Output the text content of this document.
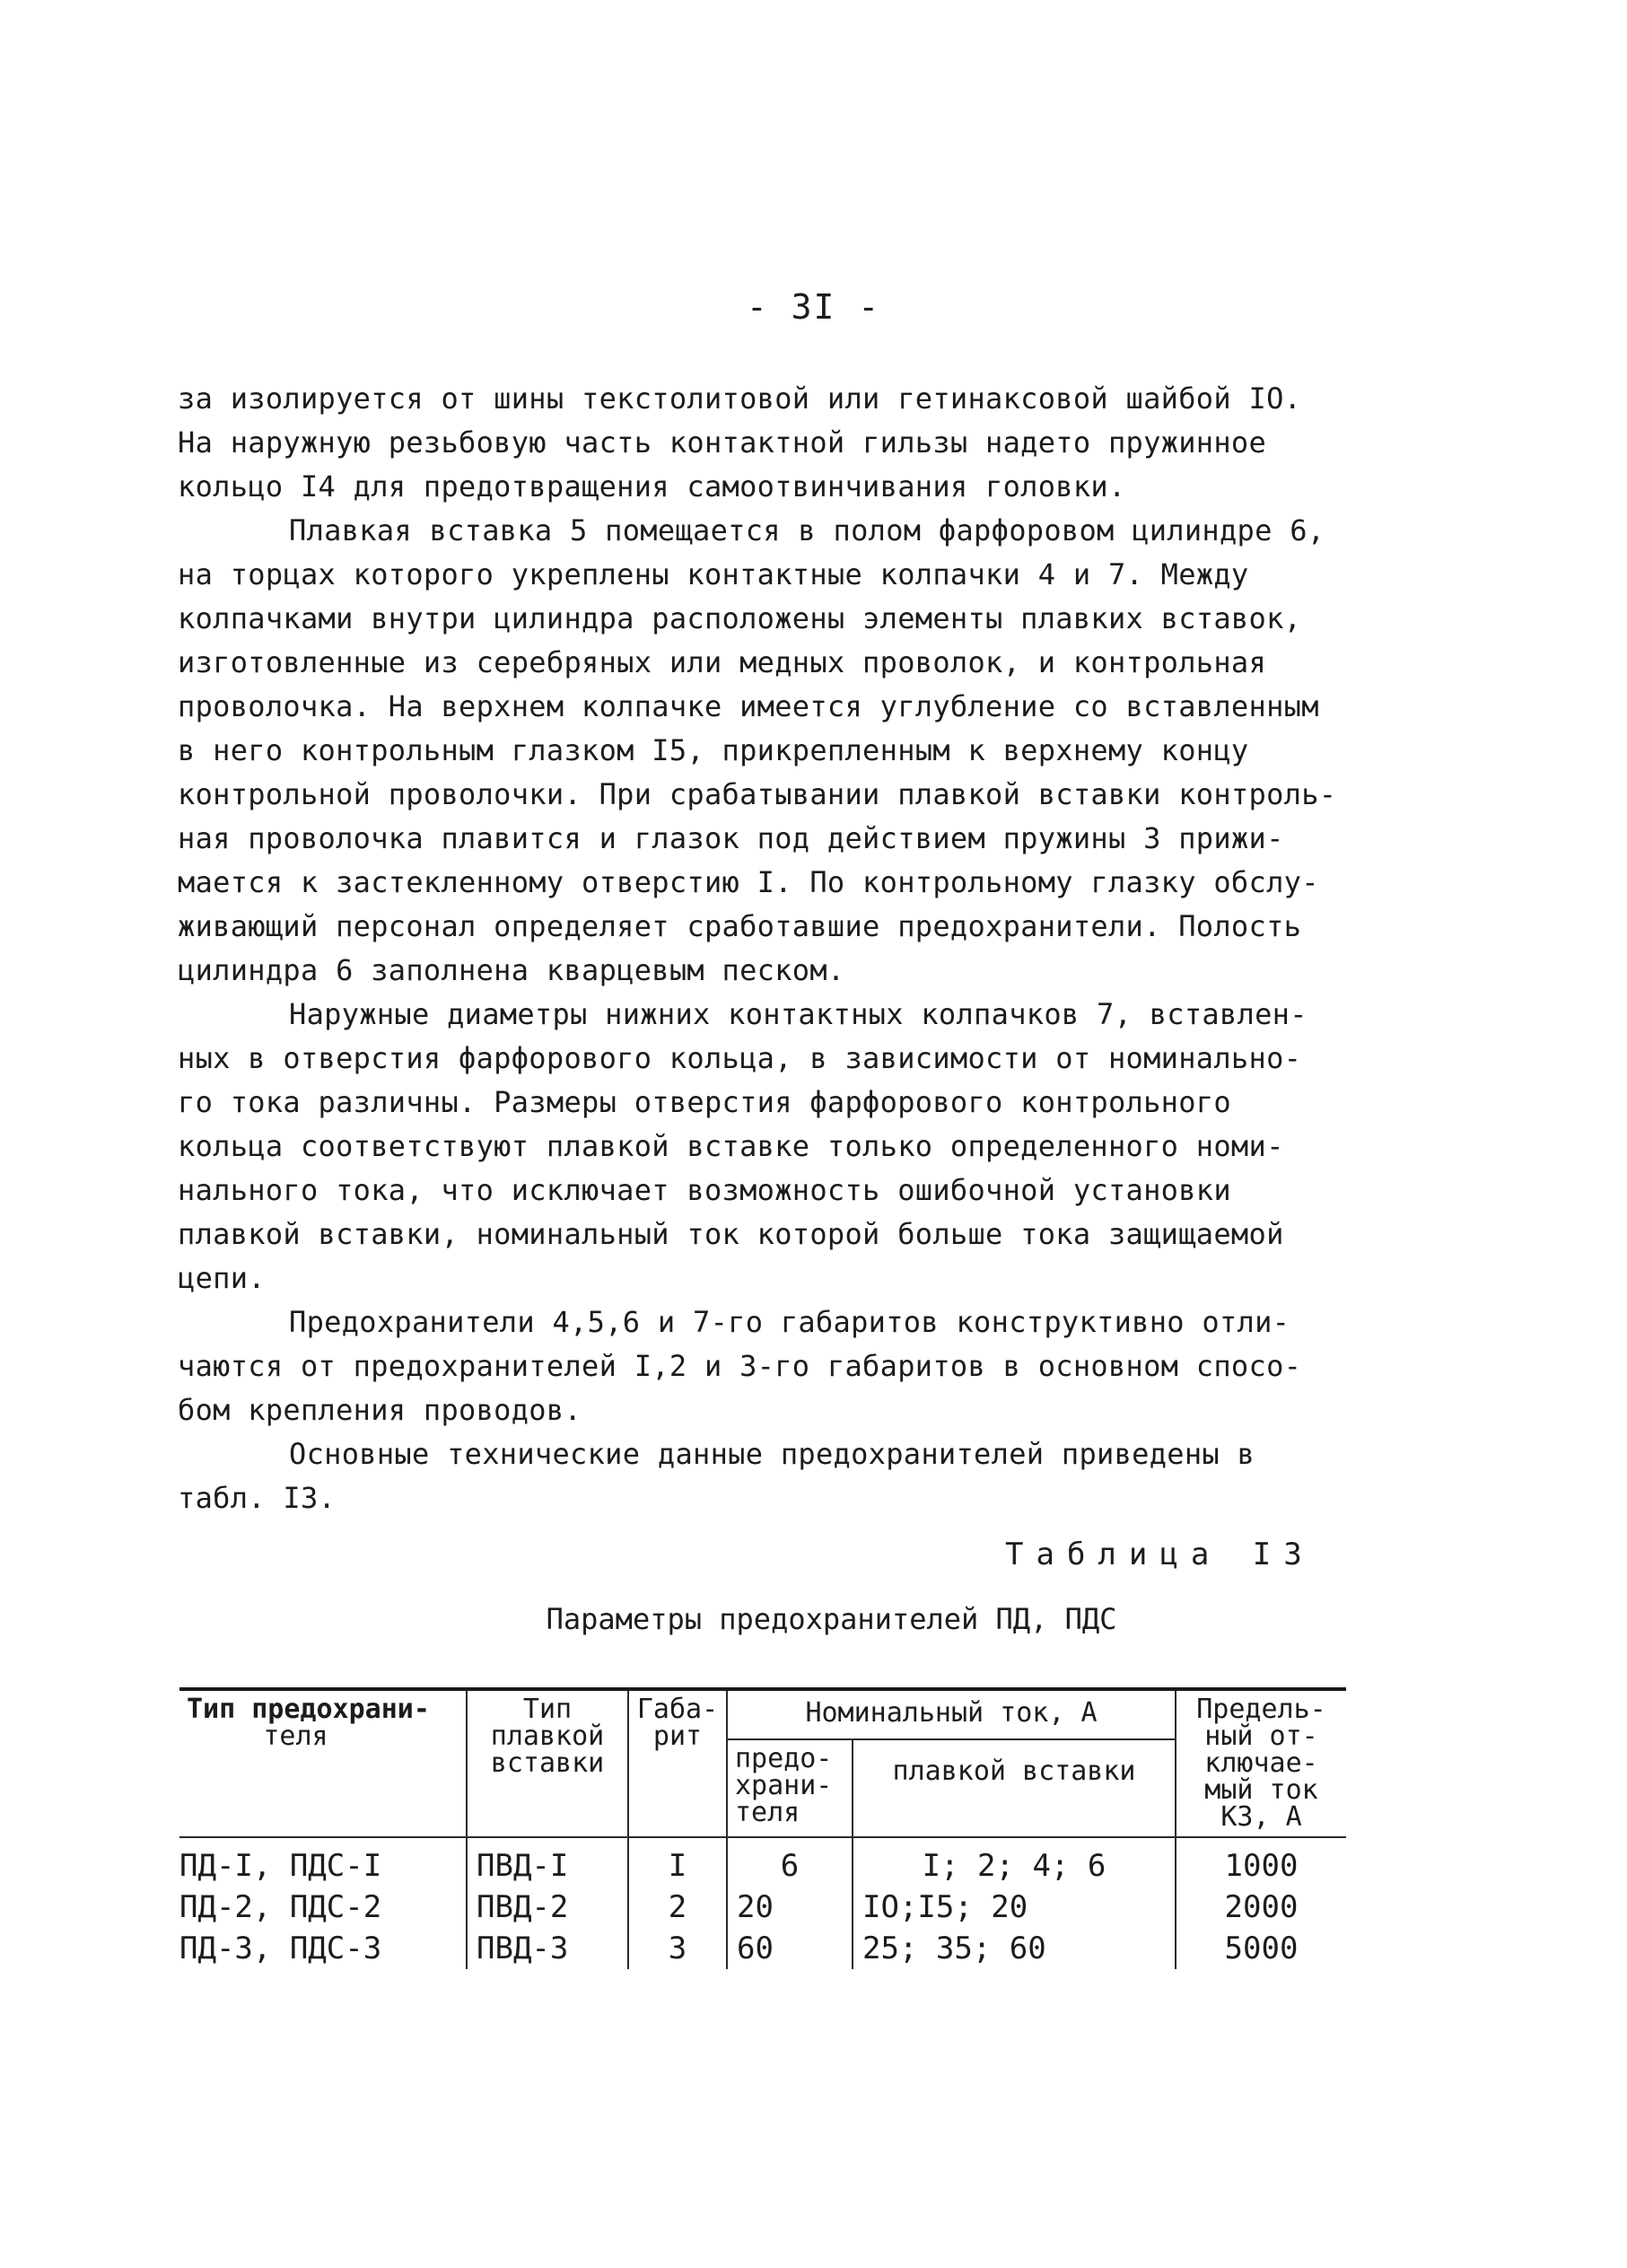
- 3I -
за изолируется от шины текстолитовой или гетинаксовой шайбой IO.
На наружную резьбовую часть контактной гильзы надето пружинное
кольцо I4 для предотвращения самоотвинчивания головки.
Плавкая вставка 5 помещается в полом фарфоровом цилиндре 6,
на торцах которого укреплены контактные колпачки 4 и 7. Между
колпачками внутри цилиндра расположены элементы плавких вставок,
изготовленные из серебряных или медных проволок, и контрольная
проволочка. На верхнем колпачке имеется углубление со вставленным
в него контрольным глазком I5, прикрепленным к верхнему концу
контрольной проволочки. При срабатывании плавкой вставки контроль-
ная проволочка плавится и глазок под действием пружины 3 прижи-
мается к застекленному отверстию I. По контрольному глазку обслу-
живающий персонал определяет сработавшие предохранители. Полость
цилиндра 6 заполнена кварцевым песком.
Наружные диаметры нижних контактных колпачков 7, вставлен-
ных в отверстия фарфорового кольца, в зависимости от номинально-
го тока различны. Размеры отверстия фарфорового контрольного
кольца соответствуют плавкой вставке только определенного номи-
нального тока, что исключает возможность ошибочной установки
плавкой вставки, номинальный ток которой больше тока защищаемой
цепи.
Предохранители 4,5,6 и 7-го габаритов конструктивно отли-
чаются от предохранителей I,2 и 3-го габаритов в основном спосо-
бом крепления проводов.
Основные технические данные предохранителей приведены в
табл. I3.
Таблица I3
Параметры предохранителей ПД, ПДС
Тип предохрани-
теля	Тип
плавкой
вставки	Габа-
рит	Номинальный ток, А		Предель-
ный от-
ключае-
мый ток
КЗ, А

			предо-
храни-
теля	плавкой вставки	

ПД-I, ПДС-I	ПВД-I	I	6	I; 2; 4; 6	1000
ПД-2, ПДС-2	ПВД-2	2	20	IO;I5; 20	2000
ПД-3, ПДС-3	ПВД-3	3	60	25; 35; 60	5000
